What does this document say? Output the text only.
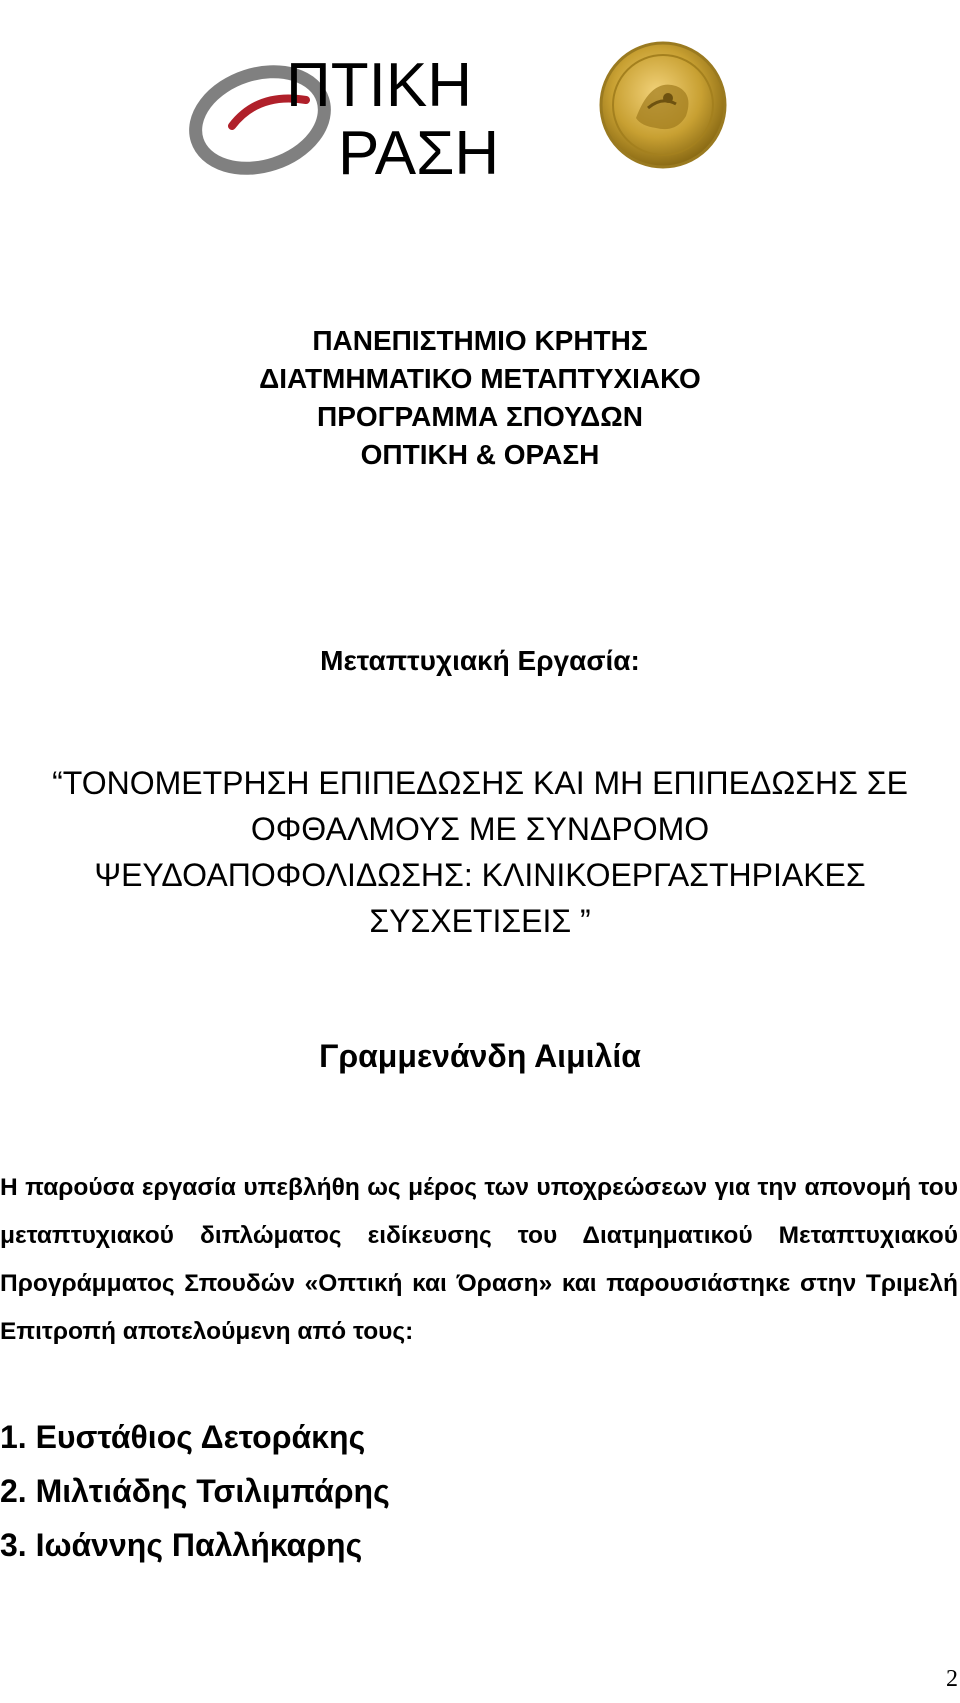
ΠΤΙΚΗ
ΡΑΣΗ
ΠΑΝΕΠΙΣΤΗΜΙΟ ΚΡΗΤΗΣ
ΔΙΑΤΜΗΜΑΤΙΚΟ ΜΕΤΑΠΤΥΧΙΑΚΟ
ΠΡΟΓΡΑΜΜΑ ΣΠΟΥΔΩΝ
ΟΠΤΙΚΗ & ΟΡΑΣΗ
Μεταπτυχιακή Εργασία:
“ΤΟΝΟΜΕΤΡΗΣΗ ΕΠΙΠΕΔΩΣΗΣ ΚΑΙ ΜΗ ΕΠΙΠΕΔΩΣΗΣ ΣΕ
ΟΦΘΑΛΜΟΥΣ ΜΕ ΣΥΝΔΡΟΜΟ
ΨΕΥΔΟΑΠΟΦΟΛΙΔΩΣΗΣ: ΚΛΙΝΙΚΟΕΡΓΑΣΤΗΡΙΑΚΕΣ
ΣΥΣΧΕΤΙΣΕΙΣ ”
Γραμμενάνδη Αιμιλία
Η παρούσα εργασία υπεβλήθη ως μέρος των υποχρεώσεων για την απονομή του μεταπτυχιακού διπλώματος ειδίκευσης του Διατμηματικού Μεταπτυχιακού Προγράμματος Σπουδών «Οπτική και Όραση» και παρουσιάστηκε στην Τριμελή Επιτροπή αποτελούμενη από τους:
1. Ευστάθιος Δετοράκης
2. Μιλτιάδης Τσιλιμπάρης
3. Ιωάννης Παλλήκαρης
2
